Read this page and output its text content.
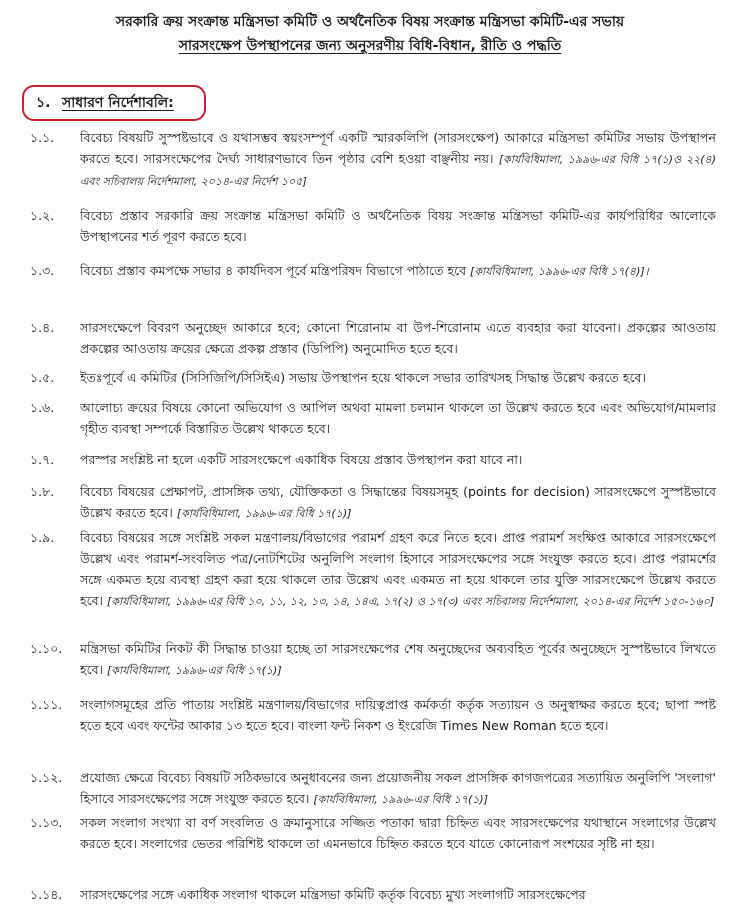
সরকারি ক্রয় সংক্রান্ত মন্ত্রিসভা কমিটি ও অর্থনৈতিক বিষয় সংক্রান্ত মন্ত্রিসভা কমিটি-এর সভায়
সারসংক্ষেপ উপস্থাপনের জন্য অনুসরণীয় বিধি-বিধান, রীতি ও পদ্ধতি
১. সাধারণ নির্দেশাবলি:
১.১. বিবেচ্য বিষয়টি সুস্পষ্টভাবে ও যথাসম্ভব স্বয়ংসম্পূর্ণ একটি স্মারকলিপি (সারসংক্ষেপ) আকারে মন্ত্রিসভা কমিটির সভায় উপস্থাপন করতে হবে। সারসংক্ষেপের দৈর্ঘ্য সাধারণভাবে তিন পৃষ্ঠার বেশি হওয়া বাঞ্ছনীয় নয়। [কার্যবিধিমালা, ১৯৯৬-এর বিধি ১৭(১)ও ২২(৪) এবং সচিবালয় নির্দেশমালা, ২০১৪-এর নির্দেশ ১০৫]
১.২. বিবেচ্য প্রস্তাব সরকারি ক্রয় সংক্রান্ত মন্ত্রিসভা কমিটি ও অর্থনৈতিক বিষয় সংক্রান্ত মন্ত্রিসভা কমিটি-এর কার্যপরিধির আলোকে উপস্থাপনের শর্ত পূরণ করতে হবে।
১.৩. বিবেচ্য প্রস্তাব কমপক্ষে সভার ৪ কার্যদিবস পূর্বে মন্ত্রিপরিষদ বিভাগে পাঠাতে হবে [কার্যবিধিমালা, ১৯৯৬-এর বিধি ১৭(৪)]।
১.৪. সারসংক্ষেপে বিবরণ অনুচ্ছেদ আকারে হবে; কোনো শিরোনাম বা উপ-শিরোনাম এতে ব্যবহার করা যাবেনা। প্রকল্পের আওতায় প্রকল্পের আওতায় ক্রয়ের ক্ষেত্রে প্রকল্প প্রস্তাব (ডিপিপি) অনুমোদিত হতে হবে।
১.৫. ইতঃপূর্বে এ কমিটির (সিসিজিপি/সিসিইএ) সভায় উপস্থাপন হয়ে থাকলে সভার তারিখসহ সিদ্ধান্ত উল্লেখ করতে হবে।
১.৬. আলোচ্য ক্রয়ের বিষয়ে কোনো অভিযোগ ও আপিল অথবা মামলা চলমান থাকলে তা উল্লেখ করতে হবে এবং অভিযোগ/মামলার গৃহীত ব্যবস্থা সম্পর্কে বিস্তারিত উল্লেখ থাকতে হবে।
১.৭. পরস্পর সংশ্লিষ্ট না হলে একটি সারসংক্ষেপে একাধিক বিষয়ে প্রস্তাব উপস্থাপন করা যাবে না।
১.৮. বিবেচ্য বিষয়ের প্রেক্ষাপট, প্রাসঙ্গিক তথ্য, যৌক্তিকতা ও সিদ্ধান্তের বিষয়সমূহ (points for decision) সারসংক্ষেপে সুস্পষ্টভাবে উল্লেখ করতে হবে। [কার্যবিধিমালা, ১৯৯৬-এর বিধি ১৭(১)]
১.৯. বিবেচ্য বিষয়ের সঙ্গে সংশ্লিষ্ট সকল মন্ত্রণালয়/বিভাগের পরামর্শ গ্রহণ করে নিতে হবে। প্রাপ্ত পরামর্শ সংক্ষিপ্ত আকারে সারসংক্ষেপে উল্লেখ এবং পরামর্শ-সংবলিত পত্র/নোটশিটের অনুলিপি সংলাগ হিসাবে সারসংক্ষেপের সঙ্গে সংযুক্ত করতে হবে। প্রাপ্ত পরামর্শের সঙ্গে একমত হয়ে ব্যবস্থা গ্রহণ করা হয়ে থাকলে তার উল্লেখ এবং একমত না হয়ে থাকলে তার যুক্তি সারসংক্ষেপে উল্লেখ করতে হবে। [কার্যবিধিমালা, ১৯৯৬-এর বিধি ১০, ১১, ১২, ১৩, ১৪, ১৪এ, ১৭(২) ও ১৭(৩) এবং সচিবালয় নির্দেশমালা, ২০১৪-এর নির্দেশ ১৫০-১৬০]
১.১০. মন্ত্রিসভা কমিটির নিকট কী সিদ্ধান্ত চাওয়া হচ্ছে তা সারসংক্ষেপের শেষ অনুচ্ছেদের অব্যবহিত পূর্বের অনুচ্ছেদে সুস্পষ্টভাবে লিখতে হবে। [কার্যবিধিমালা, ১৯৯৬-এর বিধি ১৭(১)]
১.১১. সংলাগসমূহের প্রতি পাতায় সংশ্লিষ্ট মন্ত্রণালয়/বিভাগের দায়িত্বপ্রাপ্ত কর্মকর্তা কর্তৃক সত্যায়ন ও অনুস্বাক্ষর করতে হবে; ছাপা স্পষ্ট হতে হবে এবং ফন্টের আকার ১৩ হতে হবে। বাংলা ফন্ট নিকশ ও ইংরেজি Times New Roman হতে হবে।
১.১২. প্রযোজ্য ক্ষেত্রে বিবেচ্য বিষয়টি সঠিকভাবে অনুধাবনের জন্য প্রয়োজনীয় সকল প্রাসঙ্গিক কাগজপত্রের সত্যায়িত অনুলিপি 'সংলাগ' হিসাবে সারসংক্ষেপের সঙ্গে সংযুক্ত করতে হবে। [কার্যবিধিমালা, ১৯৯৬-এর বিধি ১৭(১)]
১.১৩. সকল সংলাগ সংখ্যা বা বর্ণ সংবলিত ও ক্রমানুসারে সজ্জিত পতাকা দ্বারা চিহ্নিত এবং সারসংক্ষেপের যথাস্থানে সংলাগের উল্লেখ করতে হবে। সংলাগের ভেতর পরিশিষ্ট থাকলে তা এমনভাবে চিহ্নিত করতে হবে যাতে কোনোরূপ সংশয়ের সৃষ্টি না হয়।
১.১৪. সারসংক্ষেপের সঙ্গে একাধিক সংলাগ থাকলে মন্ত্রিসভা কমিটি কর্তৃক বিবেচ্য মুখ্য সংলাগটি সারসংক্ষেপের
